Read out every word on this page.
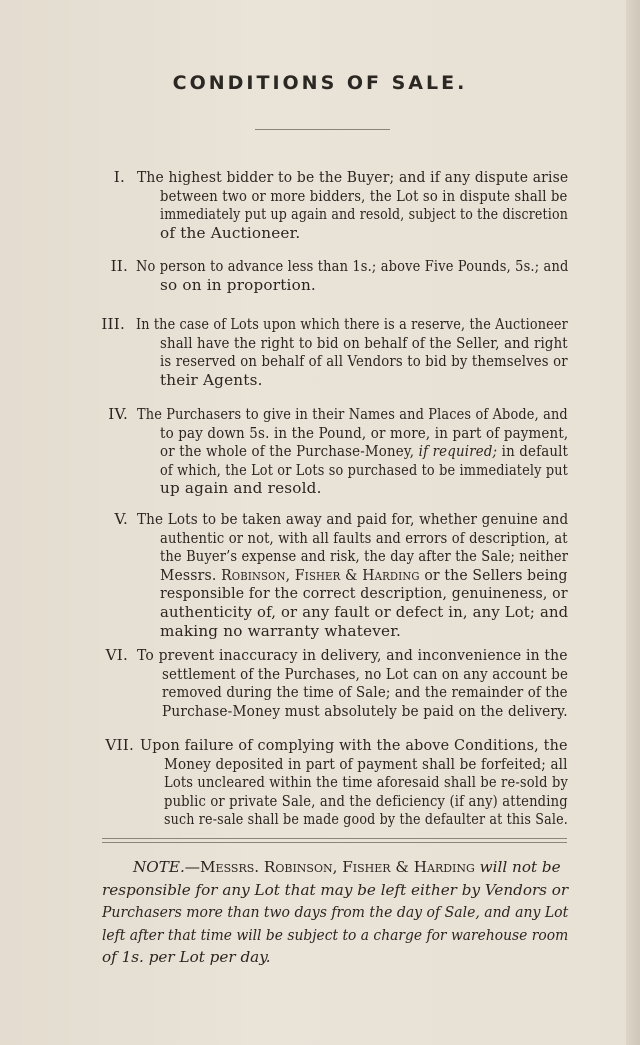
CONDITIONS OF SALE.
I. The highest bidder to be the Buyer; and if any dispute arise
between two or more bidders, the Lot so in dispute shall be
immediately put up again and resold, subject to the discretion
of the Auctioneer.
II. No person to advance less than 1s.; above Five Pounds, 5s.; and
so on in proportion.
III. In the case of Lots upon which there is a reserve, the Auctioneer
shall have the right to bid on behalf of the Seller, and right
is reserved on behalf of all Vendors to bid by themselves or
their Agents.
IV. The Purchasers to give in their Names and Places of Abode, and
to pay down 5s. in the Pound, or more, in part of payment,
or the whole of the Purchase-Money, if required; in default
of which, the Lot or Lots so purchased to be immediately put
up again and resold.
V. The Lots to be taken away and paid for, whether genuine and
authentic or not, with all faults and errors of description, at
the Buyer’s expense and risk, the day after the Sale; neither
Messrs. Robinson, Fisher & Harding or the Sellers being
responsible for the correct description, genuineness, or
authenticity of, or any fault or defect in, any Lot; and
making no warranty whatever.
VI. To prevent inaccuracy in delivery, and inconvenience in the
settlement of the Purchases, no Lot can on any account be
removed during the time of Sale; and the remainder of the
Purchase-Money must absolutely be paid on the delivery.
VII. Upon failure of complying with the above Conditions, the
Money deposited in part of payment shall be forfeited; all
Lots uncleared within the time aforesaid shall be re-sold by
public or private Sale, and the deficiency (if any) attending
such re-sale shall be made good by the defaulter at this Sale.
NOTE.—Messrs. Robinson, Fisher & Harding will not be
responsible for any Lot that may be left either by Vendors or
Purchasers more than two days from the day of Sale, and any Lot
left after that time will be subject to a charge for warehouse room
of 1s. per Lot per day.
